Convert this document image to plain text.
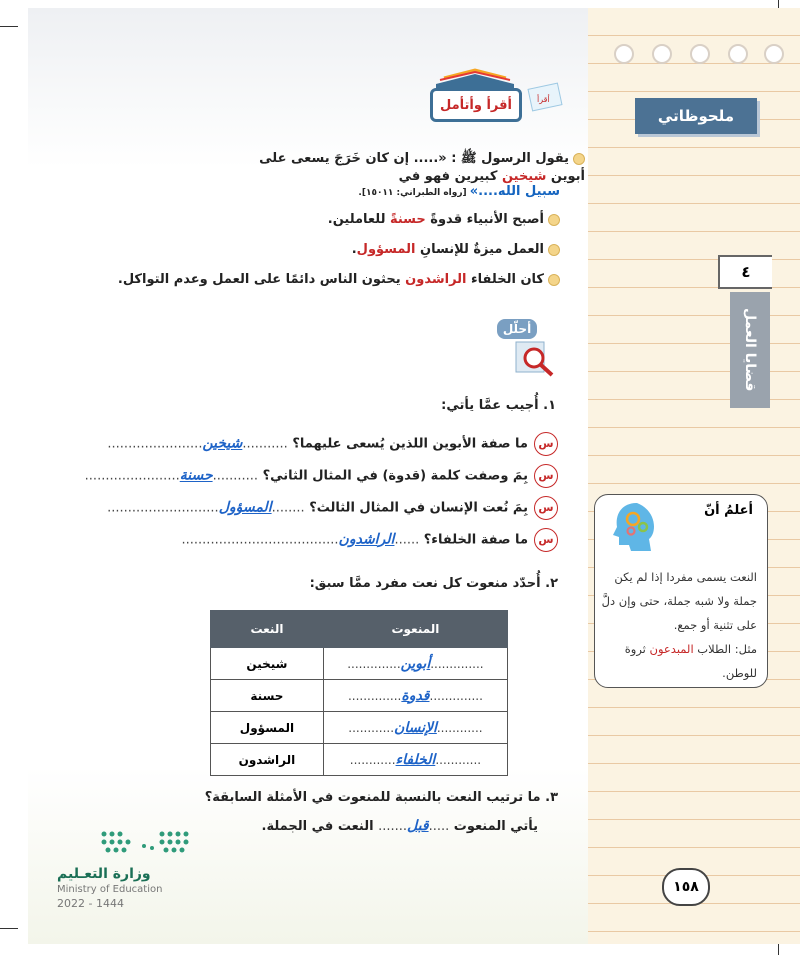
ملحوظاتي
٤
قضايا العمل
أعلمُ أنّ
النعت يسمى مفردا إذا لم يكن جملة ولا شبه جملة، حتى وإن دلَّ على تثنية أو جمع.
مثل: الطلاب المبدعون ثروة للوطن.
١٥٨
أقرأ وأتأمل	أقرأ
يقول الرسول ﷺ : «..... إن كان خَرَجَ يسعى على أبوين شيخين كبيرين فهو في
سبيل الله....» [رواه الطبراني: ١٥٠١١].
أصبح الأنبياء قدوةً حسنةً للعاملين.
العمل ميزةٌ للإنسانِ المسؤول.
كان الخلفاء الراشدون يحثون الناس دائمًا على العمل وعدم التواكل.
أحلّل
١. أُجيب عمَّا يأتي:
سما صفة الأبوين اللذين يُسعى عليهما؟ ...........شيخين.......................
سبِمَ وصفت كلمة (قدوة) في المثال الثاني؟ ...........حسنة.......................
سبِمَ نُعت الإنسان في المثال الثالث؟ ........المسؤول...........................
سما صفة الخلفاء؟ ......الراشدون......................................
٢. أُحدّد منعوت كل نعت مفرد ممَّا سبق:
المنعوت	النعت
..............أبوين..............	شيخين
..............قدوة..............	حسنة
............الإنسان............	المسؤول
............الخلفاء............	الراشدون
٣. ما ترتيب النعت بالنسبة للمنعوت في الأمثلة السابقة؟
يأتي المنعوت .....قبل....... النعت في الجملة.
وزارة التعـليم
Ministry of Education
2022 - 1444
